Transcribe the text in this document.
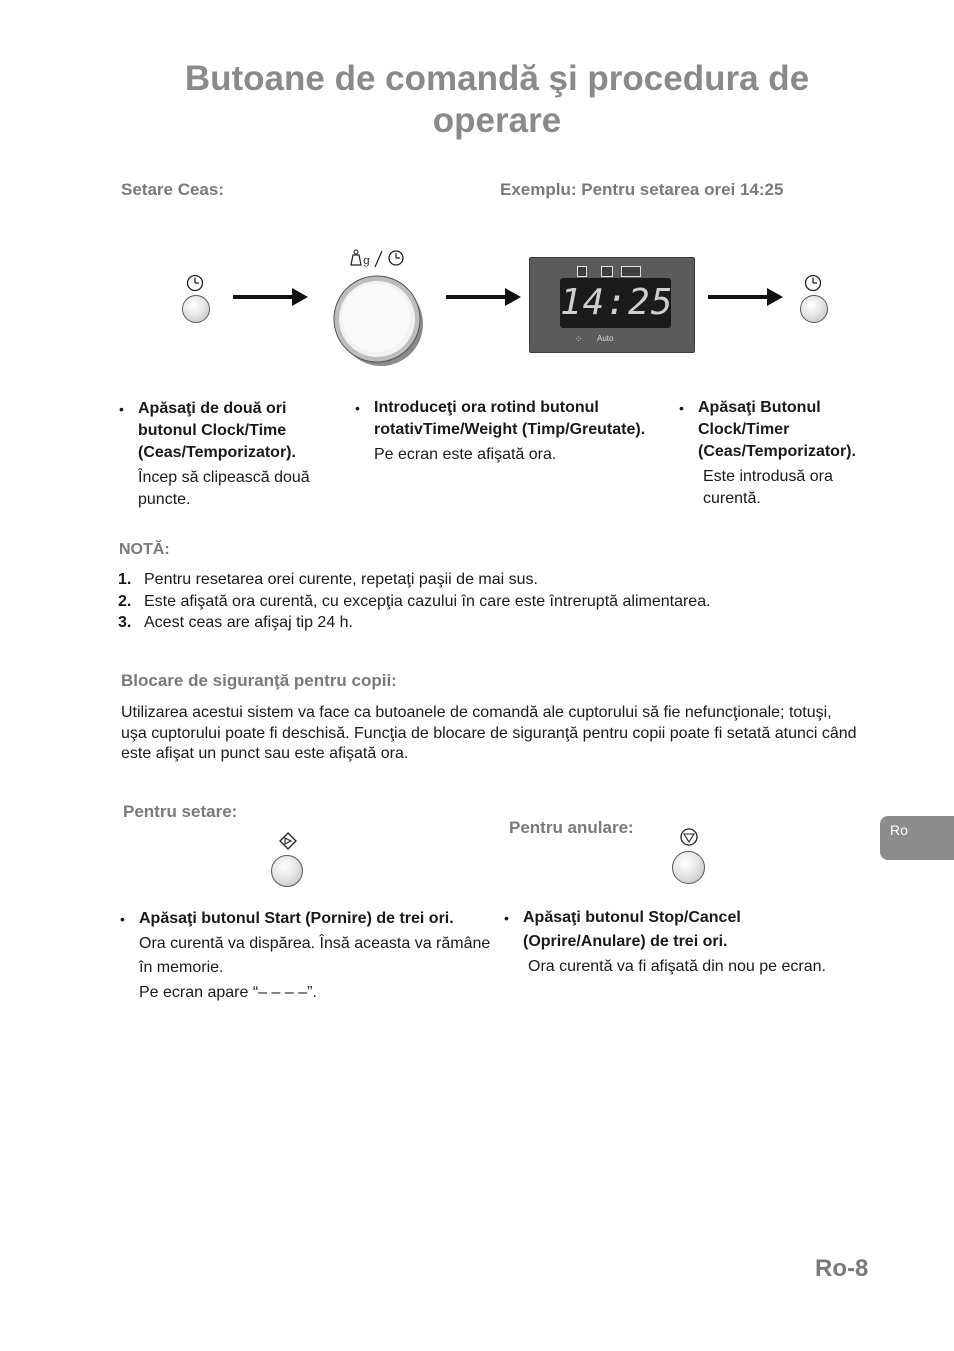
Butoane de comandă şi procedura de operare
Setare Ceas:	Exemplu: Pentru setarea orei 14:25
g
14:25
⁘ Auto
• Apăsaţi de două ori butonul Clock/Time (Ceas/Temporizator).
Încep să clipească două puncte.
• Introduceţi ora rotind butonul rotativTime/Weight (Timp/Greutate).
Pe ecran este afişată ora.
• Apăsaţi Butonul Clock/Timer (Ceas/Temporizator).
Este introdusă ora curentă.
NOTĂ:
1. Pentru resetarea orei curente, repetaţi paşii de mai sus.
2. Este afişată ora curentă, cu excepţia cazului în care este întreruptă alimentarea.
3. Acest ceas are afişaj tip 24 h.
Blocare de siguranţă pentru copii:
Utilizarea acestui sistem va face ca butoanele de comandă ale cuptorului să fie nefuncţionale; totuşi, uşa cuptorului poate fi deschisă. Funcţia de blocare de siguranţă pentru copii poate fi setată atunci când este afişat un punct sau este afişată ora.
Pentru setare:
Pentru anulare:
• Apăsaţi butonul Start (Pornire) de trei ori.
Ora curentă va dispărea. Însă aceasta va rămâne în memorie.
Pe ecran apare “– – – –”.
• Apăsaţi butonul Stop/Cancel (Oprire/Anulare) de trei ori.
Ora curentă va fi afişată din nou pe ecran.
Ro
Ro-8
